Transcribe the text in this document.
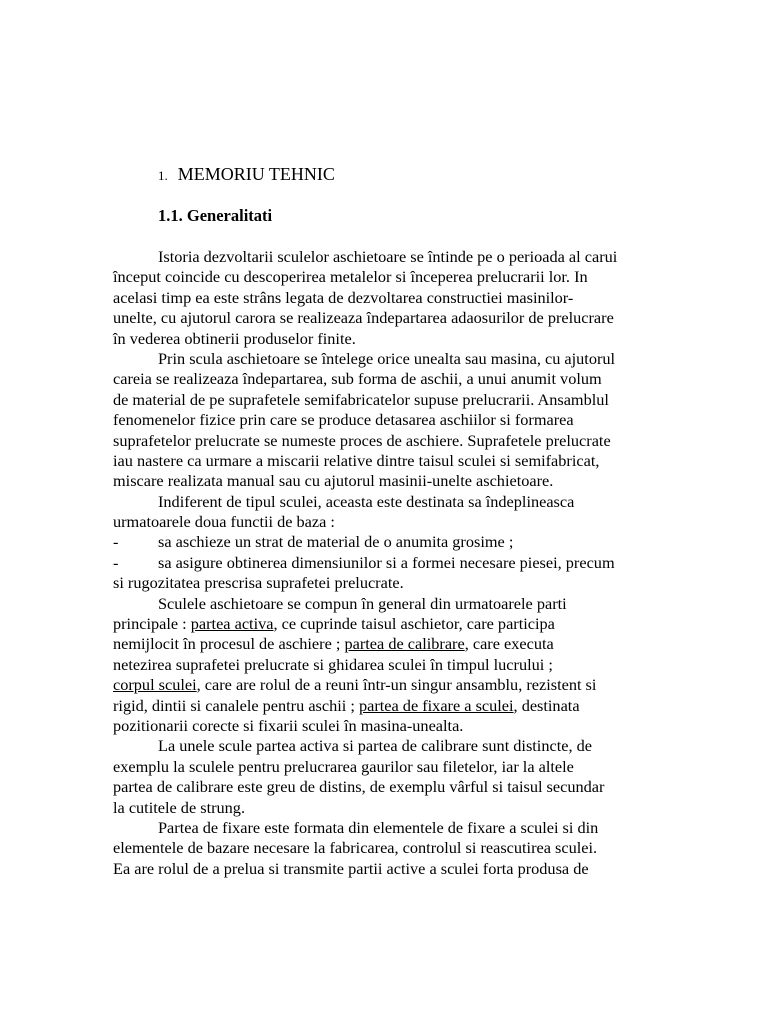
1. MEMORIU TEHNIC
1.1. Generalitati
Istoria dezvoltarii sculelor aschietoare se întinde pe o perioada al carui
început coincide cu descoperirea metalelor si începerea prelucrarii lor. In
acelasi timp ea este strâns legata de dezvoltarea constructiei masinilor-
unelte, cu ajutorul carora se realizeaza îndepartarea adaosurilor de prelucrare
în vederea obtinerii produselor finite.
Prin scula aschietoare se întelege orice unealta sau masina, cu ajutorul
careia se realizeaza îndepartarea, sub forma de aschii, a unui anumit volum
de material de pe suprafetele semifabricatelor supuse prelucrarii. Ansamblul
fenomenelor fizice prin care se produce detasarea aschiilor si formarea
suprafetelor prelucrate se numeste proces de aschiere. Suprafetele prelucrate
iau nastere ca urmare a miscarii relative dintre taisul sculei si semifabricat,
miscare realizata manual sau cu ajutorul masinii-unelte aschietoare.
Indiferent de tipul sculei, aceasta este destinata sa îndeplineasca
urmatoarele doua functii de baza :
- sa aschieze un strat de material de o anumita grosime ;
- sa asigure obtinerea dimensiunilor si a formei necesare piesei, precum
si rugozitatea prescrisa suprafetei prelucrate.
Sculele aschietoare se compun în general din urmatoarele parti
principale : partea activa, ce cuprinde taisul aschietor, care participa
nemijlocit în procesul de aschiere ; partea de calibrare, care executa
netezirea suprafetei prelucrate si ghidarea sculei în timpul lucrului ;
corpul sculei, care are rolul de a reuni într-un singur ansamblu, rezistent si
rigid, dintii si canalele pentru aschii ; partea de fixare a sculei, destinata
pozitionarii corecte si fixarii sculei în masina-unealta.
La unele scule partea activa si partea de calibrare sunt distincte, de
exemplu la sculele pentru prelucrarea gaurilor sau filetelor, iar la altele
partea de calibrare este greu de distins, de exemplu vârful si taisul secundar
la cutitele de strung.
Partea de fixare este formata din elementele de fixare a sculei si din
elementele de bazare necesare la fabricarea, controlul si reascutirea sculei.
Ea are rolul de a prelua si transmite partii active a sculei forta produsa de
